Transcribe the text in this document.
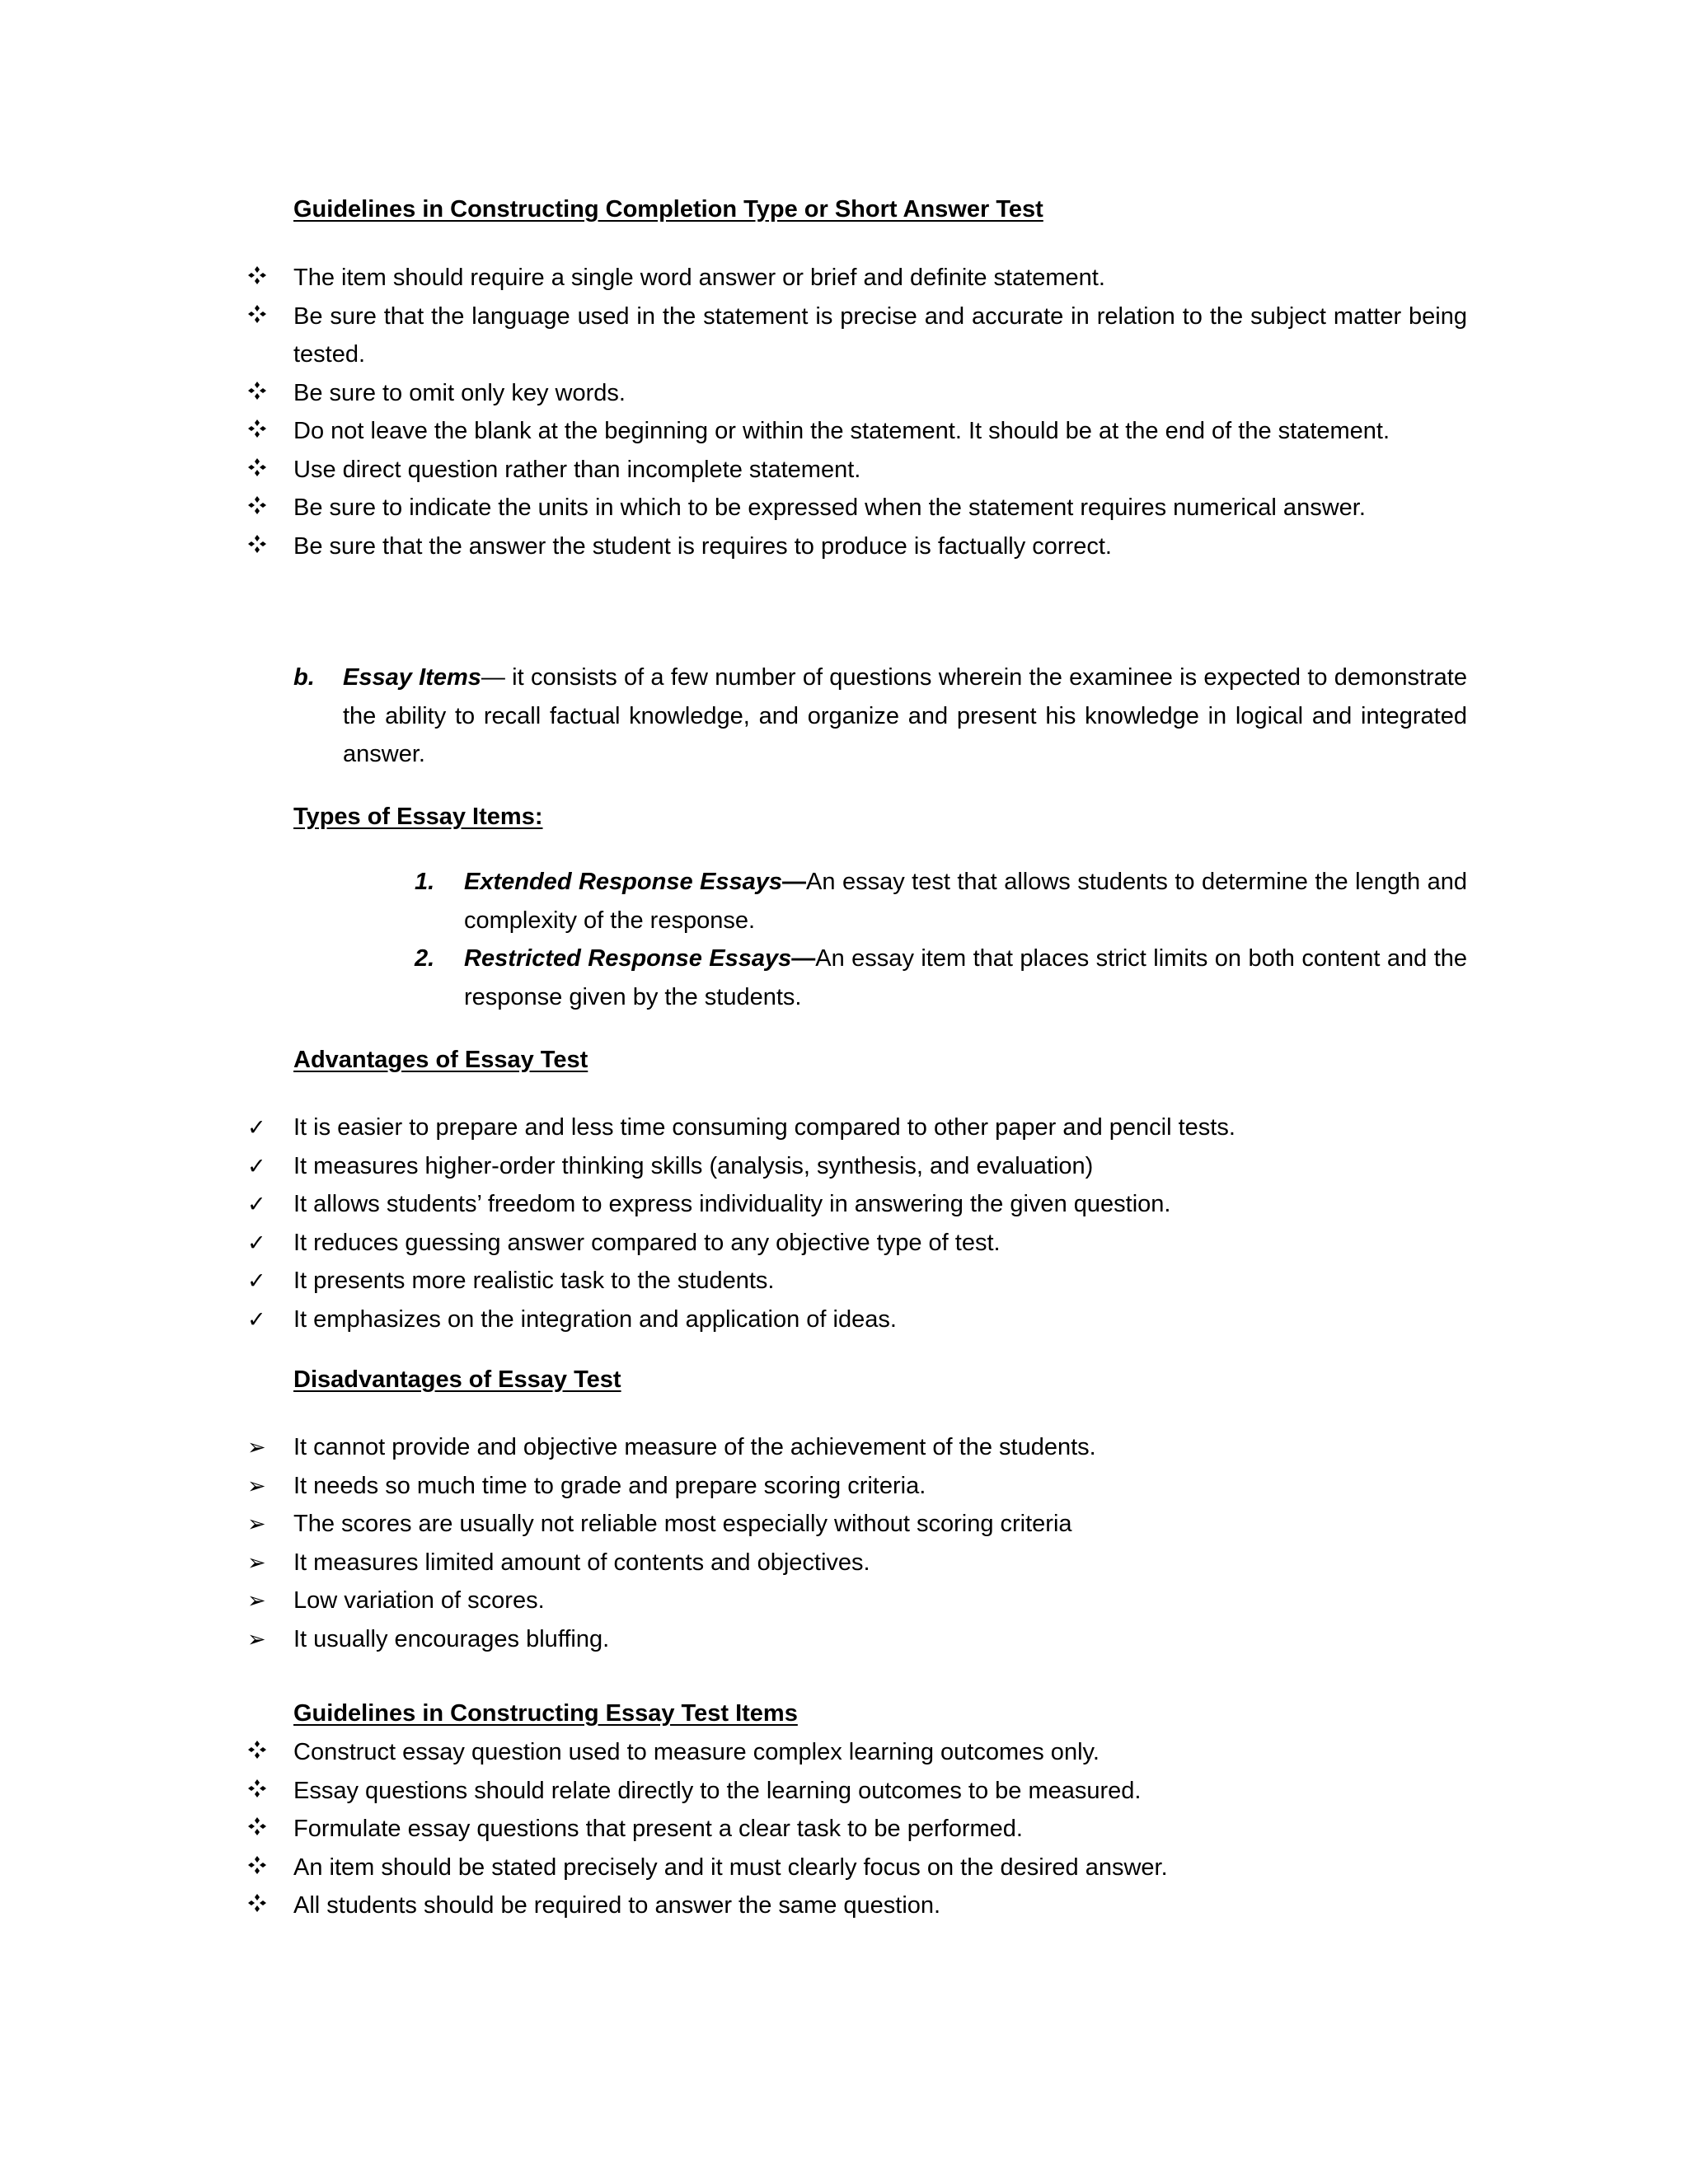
Guidelines in Constructing Completion Type or Short Answer Test
The item should require a single word answer or brief and definite statement.
Be sure that the language used in the statement is precise and accurate in relation to the subject matter being tested.
Be sure to omit only key words.
Do not leave the blank at the beginning or within the statement. It should be at the end of the statement.
Use direct question rather than incomplete statement.
Be sure to indicate the units in which to be expressed when the statement requires numerical answer.
Be sure that the answer the student is requires to produce is factually correct.
b. Essay Items— it consists of a few number of questions wherein the examinee is expected to demonstrate the ability to recall factual knowledge, and organize and present his knowledge in logical and integrated answer.
Types of Essay Items:
1. Extended Response Essays—An essay test that allows students to determine the length and complexity of the response.
2. Restricted Response Essays—An essay item that places strict limits on both content and the response given by the students.
Advantages of Essay Test
✓ It is easier to prepare and less time consuming compared to other paper and pencil tests.
✓ It measures higher-order thinking skills (analysis, synthesis, and evaluation)
✓ It allows students’ freedom to express individuality in answering the given question.
✓ It reduces guessing answer compared to any objective type of test.
✓ It presents more realistic task to the students.
✓ It emphasizes on the integration and application of ideas.
Disadvantages of Essay Test
➢ It cannot provide and objective measure of the achievement of the students.
➢ It needs so much time to grade and prepare scoring criteria.
➢ The scores are usually not reliable most especially without scoring criteria
➢ It measures limited amount of contents and objectives.
➢ Low variation of scores.
➢ It usually encourages bluffing.
Guidelines in Constructing Essay Test Items
Construct essay question used to measure complex learning outcomes only.
Essay questions should relate directly to the learning outcomes to be measured.
Formulate essay questions that present a clear task to be performed.
An item should be stated precisely and it must clearly focus on the desired answer.
All students should be required to answer the same question.
